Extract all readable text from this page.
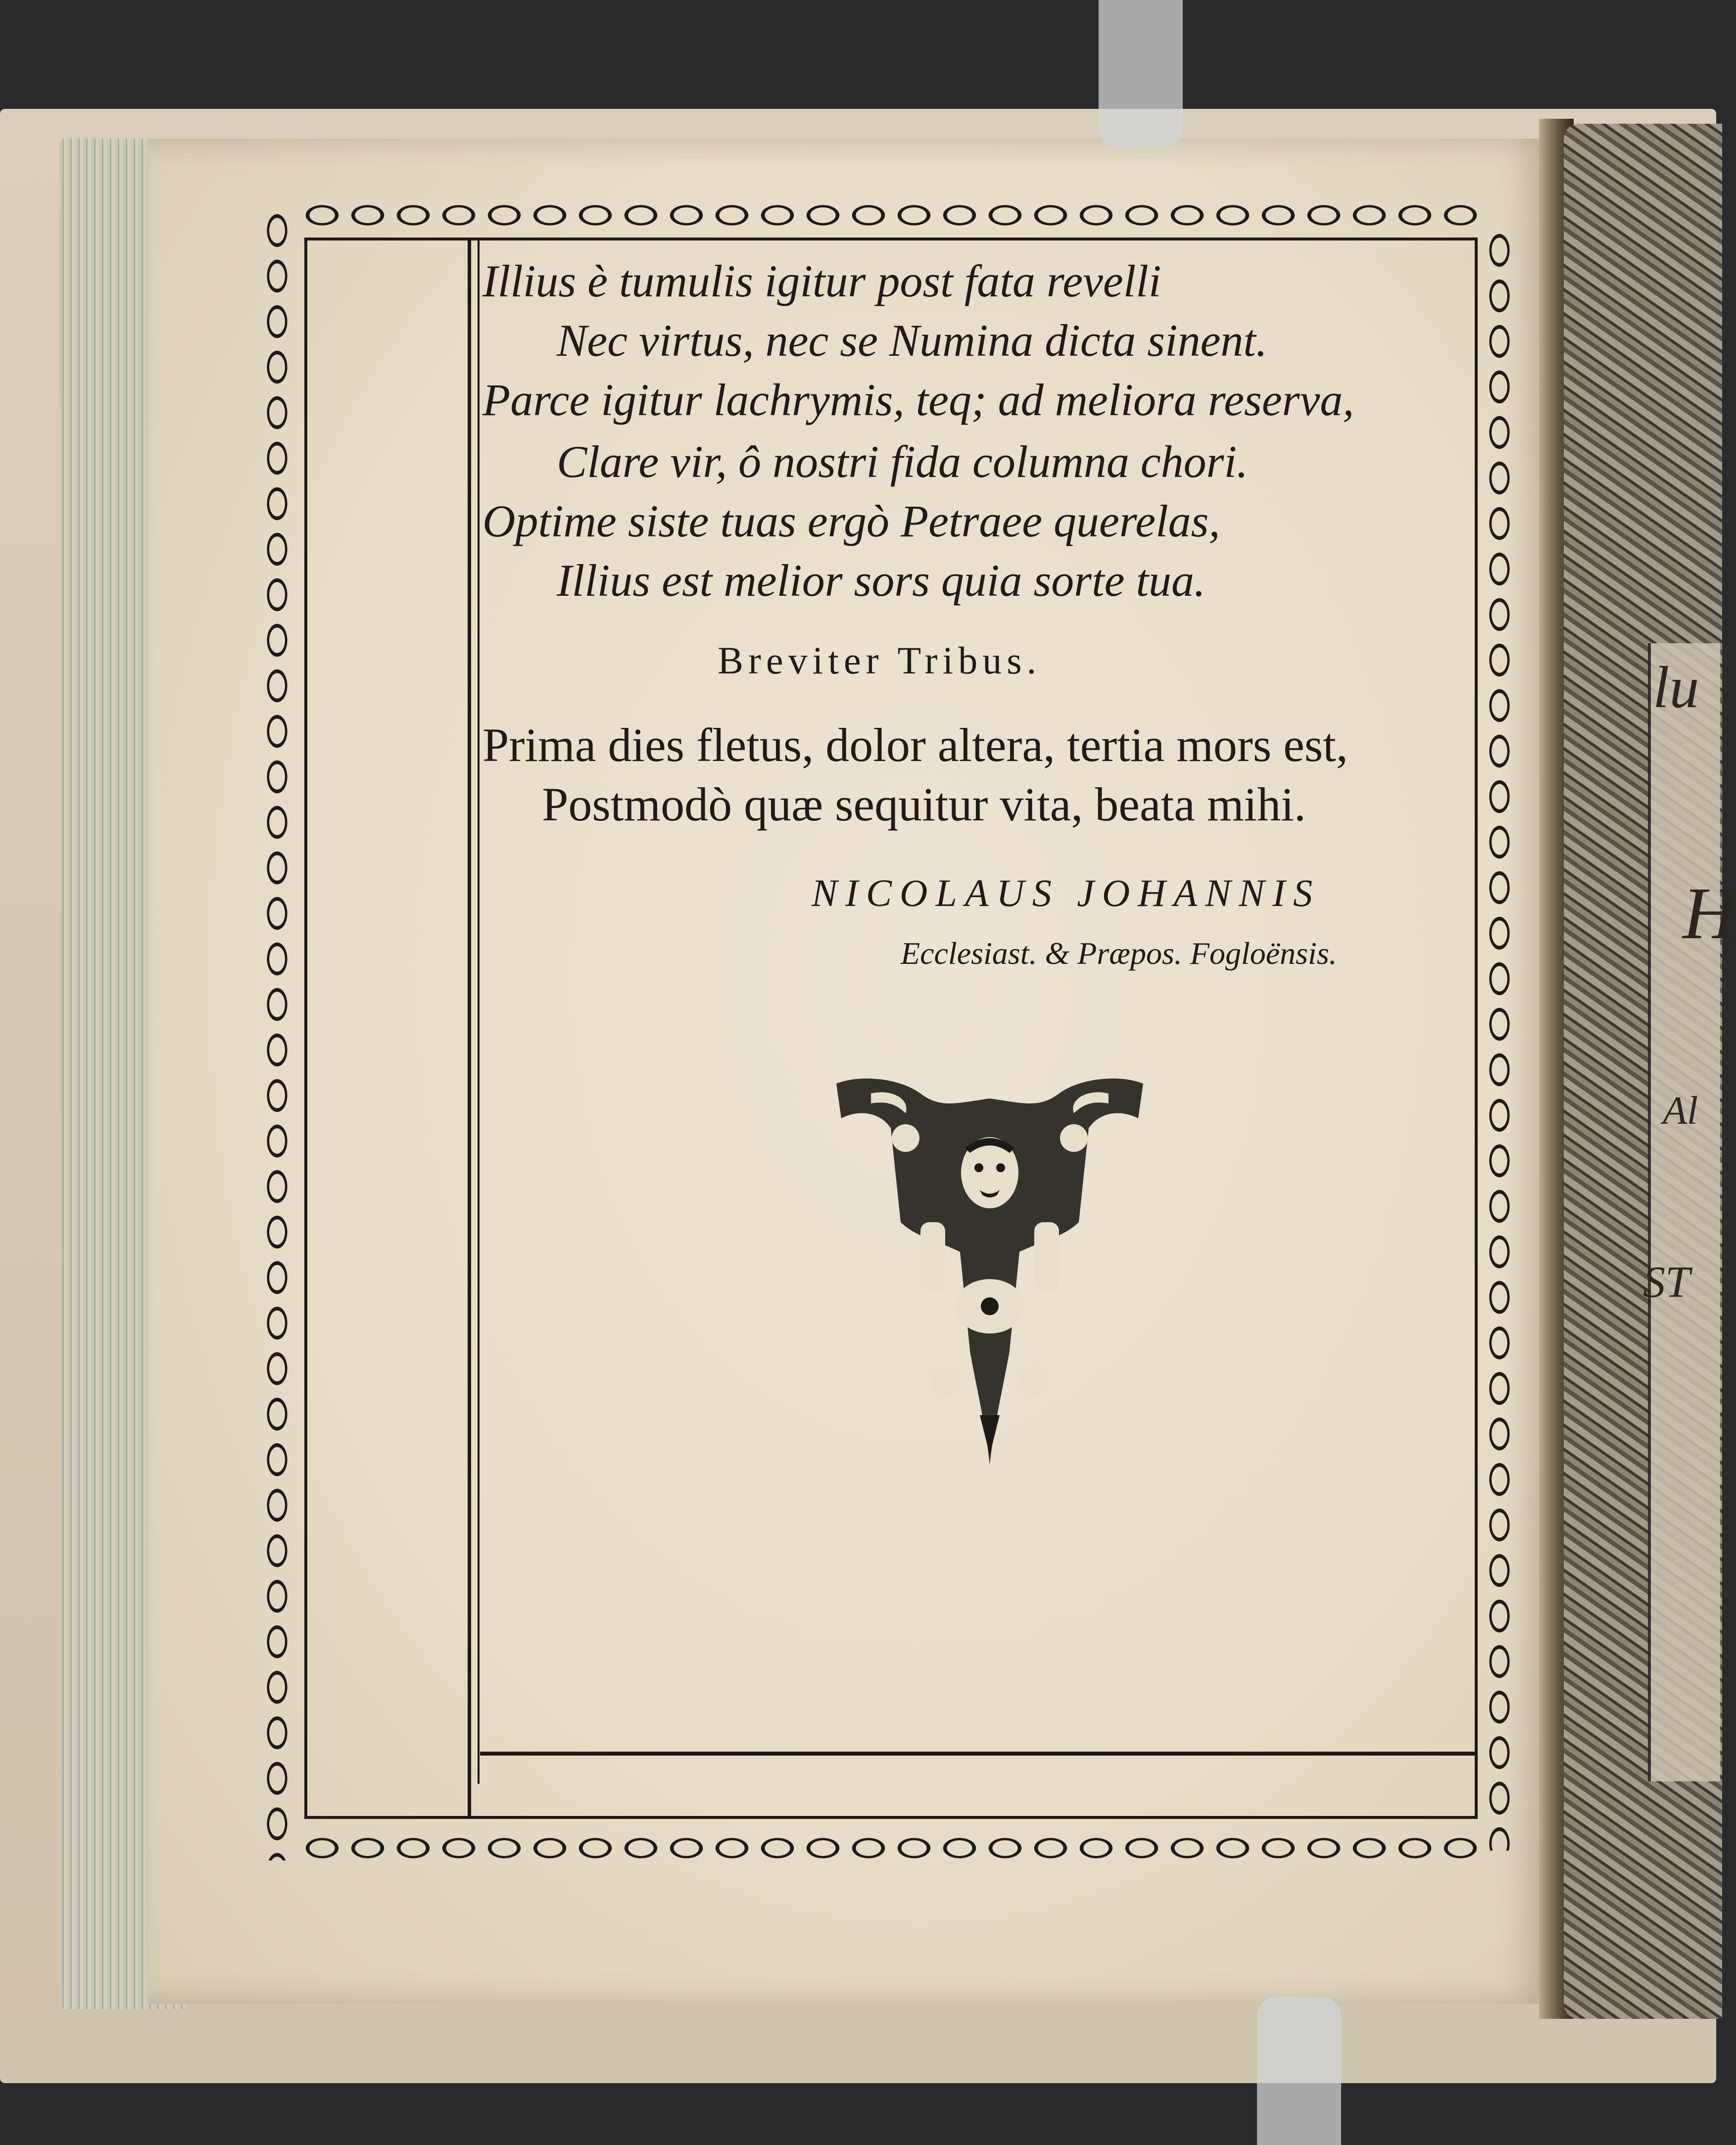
Illius è tumulis igitur post fata revelli
Nec virtus, nec se Numina dicta sinent.
Parce igitur lachrymis, teq; ad meliora reserva,
Clare vir, ô nostri fida columna chori.
Optime siste tuas ergò Petraee querelas,
Illius est melior sors quia sorte tua.
Breviter Tribus.
Prima dies fletus, dolor altera, tertia mors est,
Postmodò quæ sequitur vita, beata mihi.
NICOLAUS JOHANNIS
Ecclesiast. & Præpos. Fogloënsis.
lu
H
Al
ST
